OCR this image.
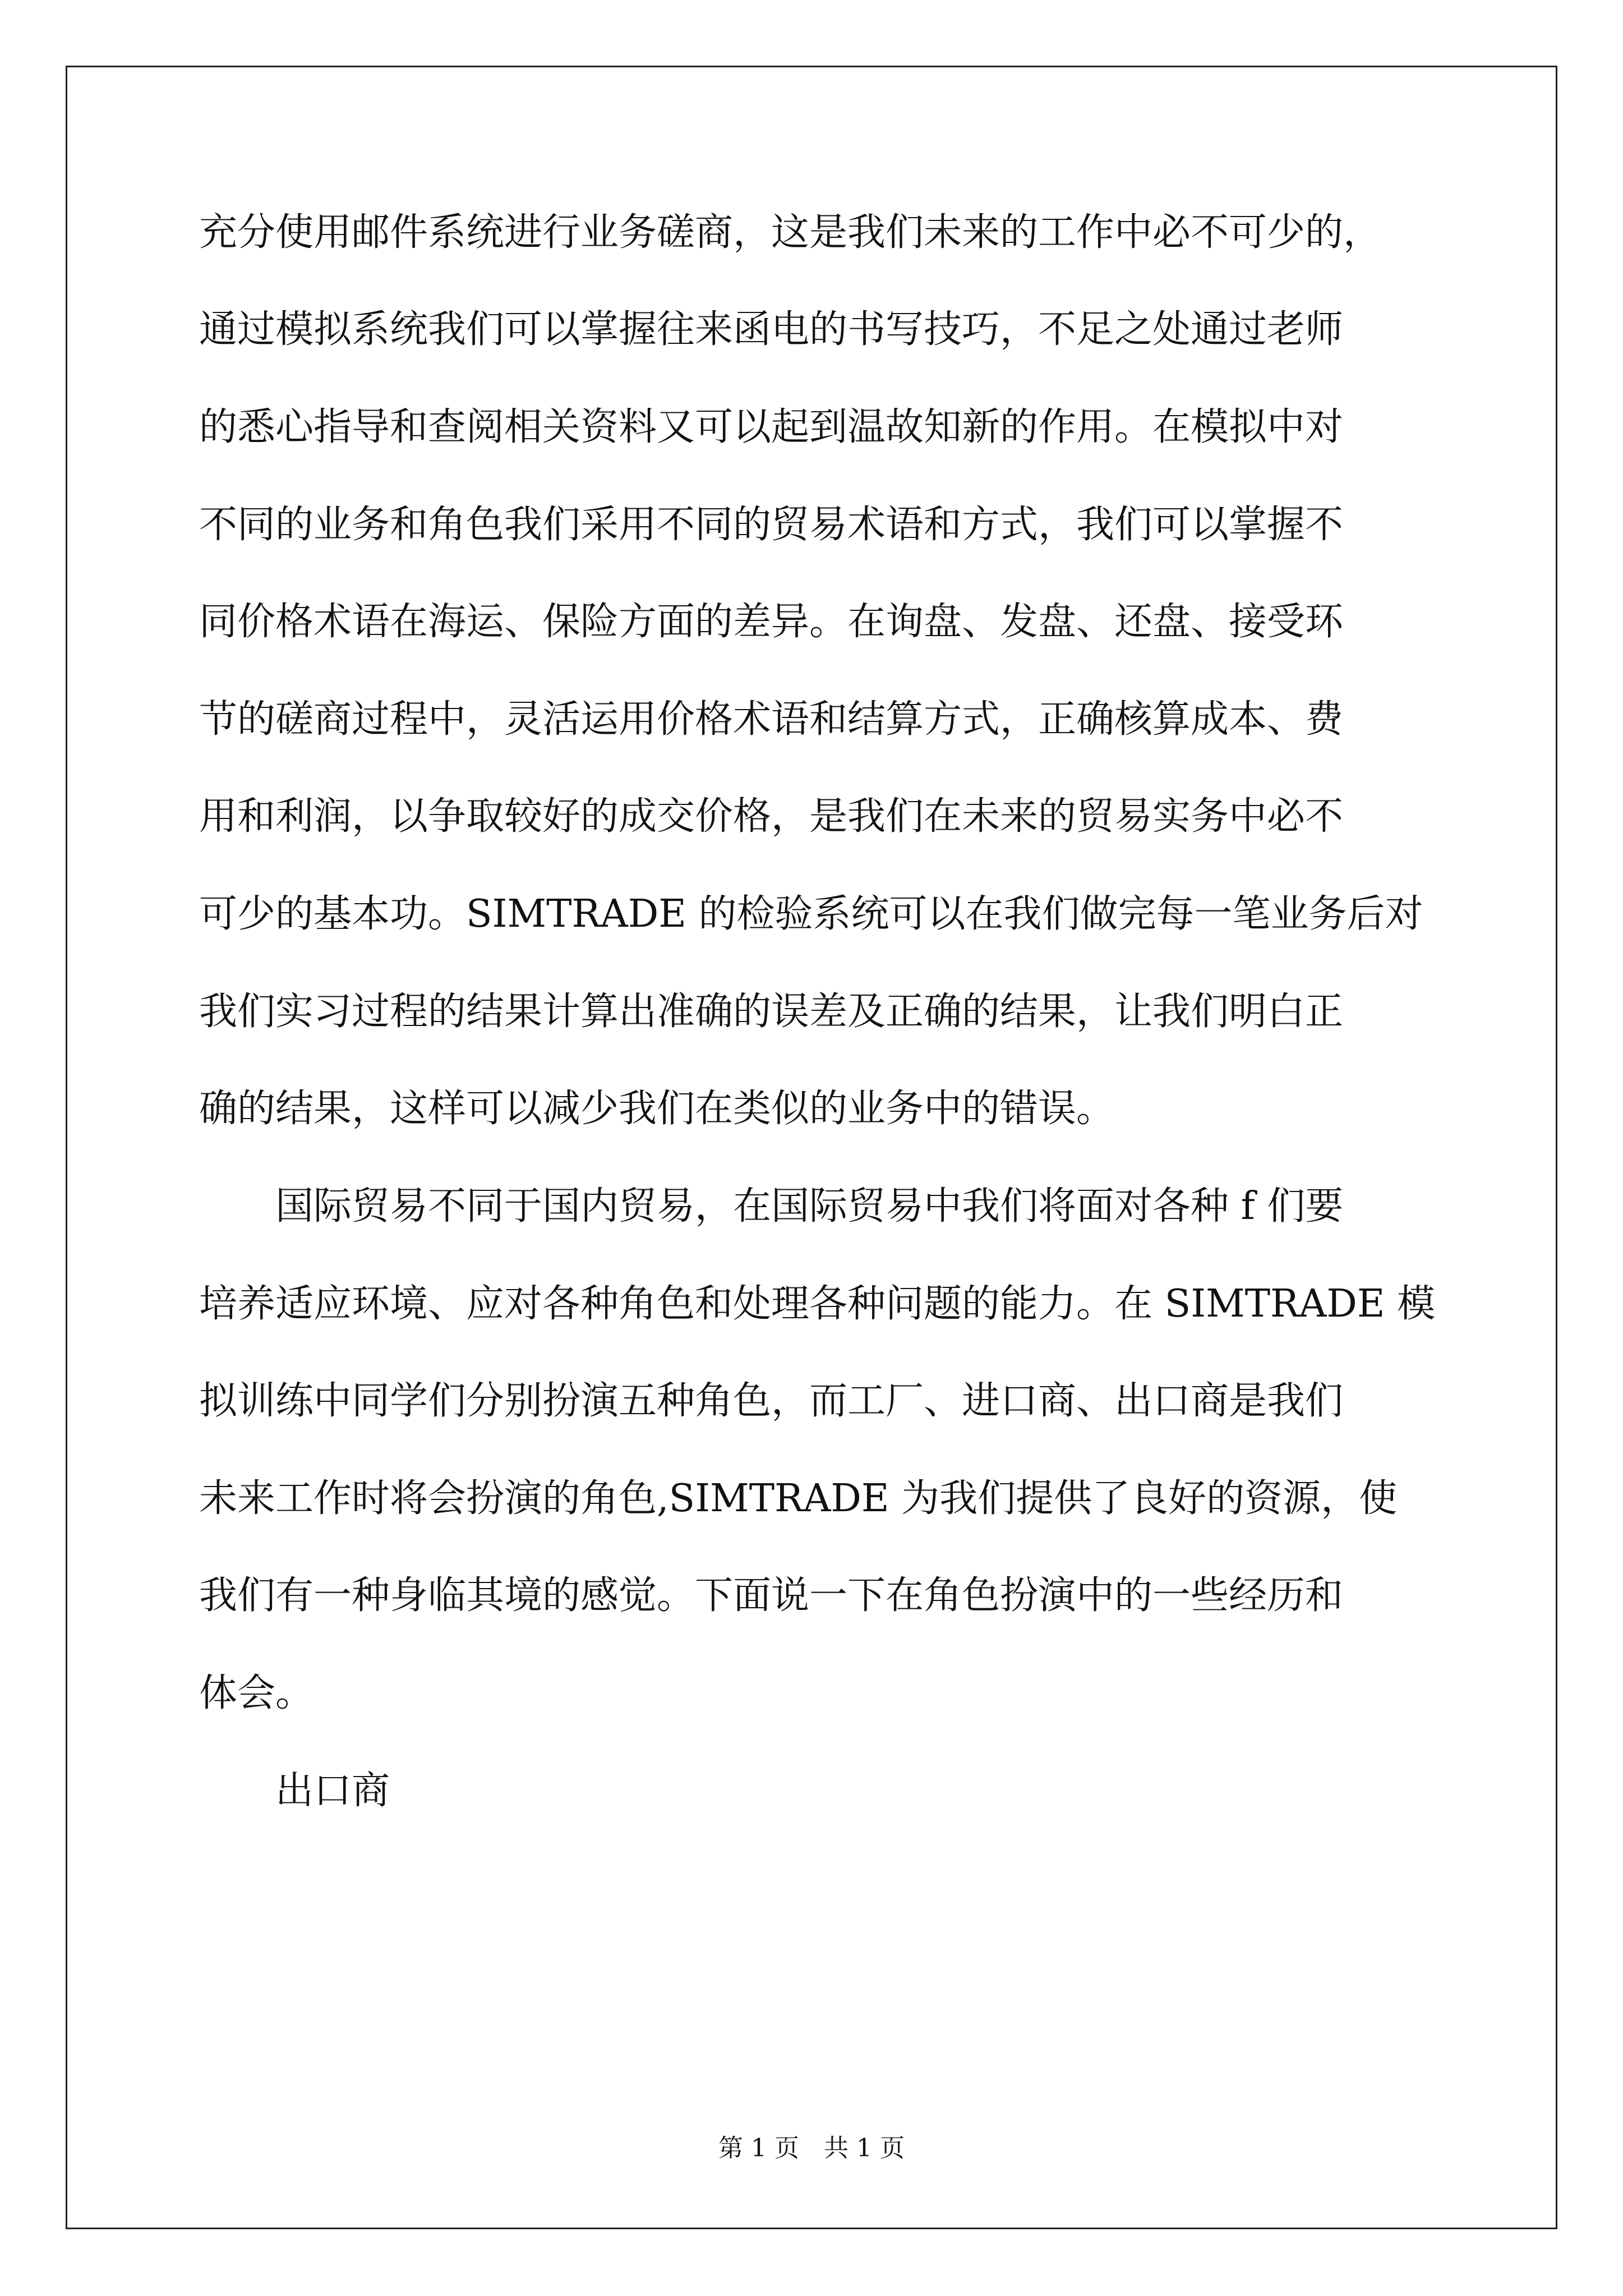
充分使用邮件系统进行业务磋商，这是我们未来的工作中必不可少的，
通过模拟系统我们可以掌握往来函电的书写技巧，不足之处通过老师
的悉心指导和查阅相关资料又可以起到温故知新的作用。在模拟中对
不同的业务和角色我们采用不同的贸易术语和方式，我们可以掌握不
同价格术语在海运、保险方面的差异。在询盘、发盘、还盘、接受环
节的磋商过程中，灵活运用价格术语和结算方式，正确核算成本、费
用和利润，以争取较好的成交价格，是我们在未来的贸易实务中必不
可少的基本功。SIMTRADE 的检验系统可以在我们做完每一笔业务后对
我们实习过程的结果计算出准确的误差及正确的结果，让我们明白正
确的结果，这样可以减少我们在类似的业务中的错误。
　　国际贸易不同于国内贸易，在国际贸易中我们将面对各种 f 们要
培养适应环境、应对各种角色和处理各种问题的能力。在 SIMTRADE 模
拟训练中同学们分别扮演五种角色，而工厂、进口商、出口商是我们
未来工作时将会扮演的角色,SIMTRADE 为我们提供了良好的资源，使
我们有一种身临其境的感觉。下面说一下在角色扮演中的一些经历和
体会。
　　出口商
第 1 页　共 1 页
